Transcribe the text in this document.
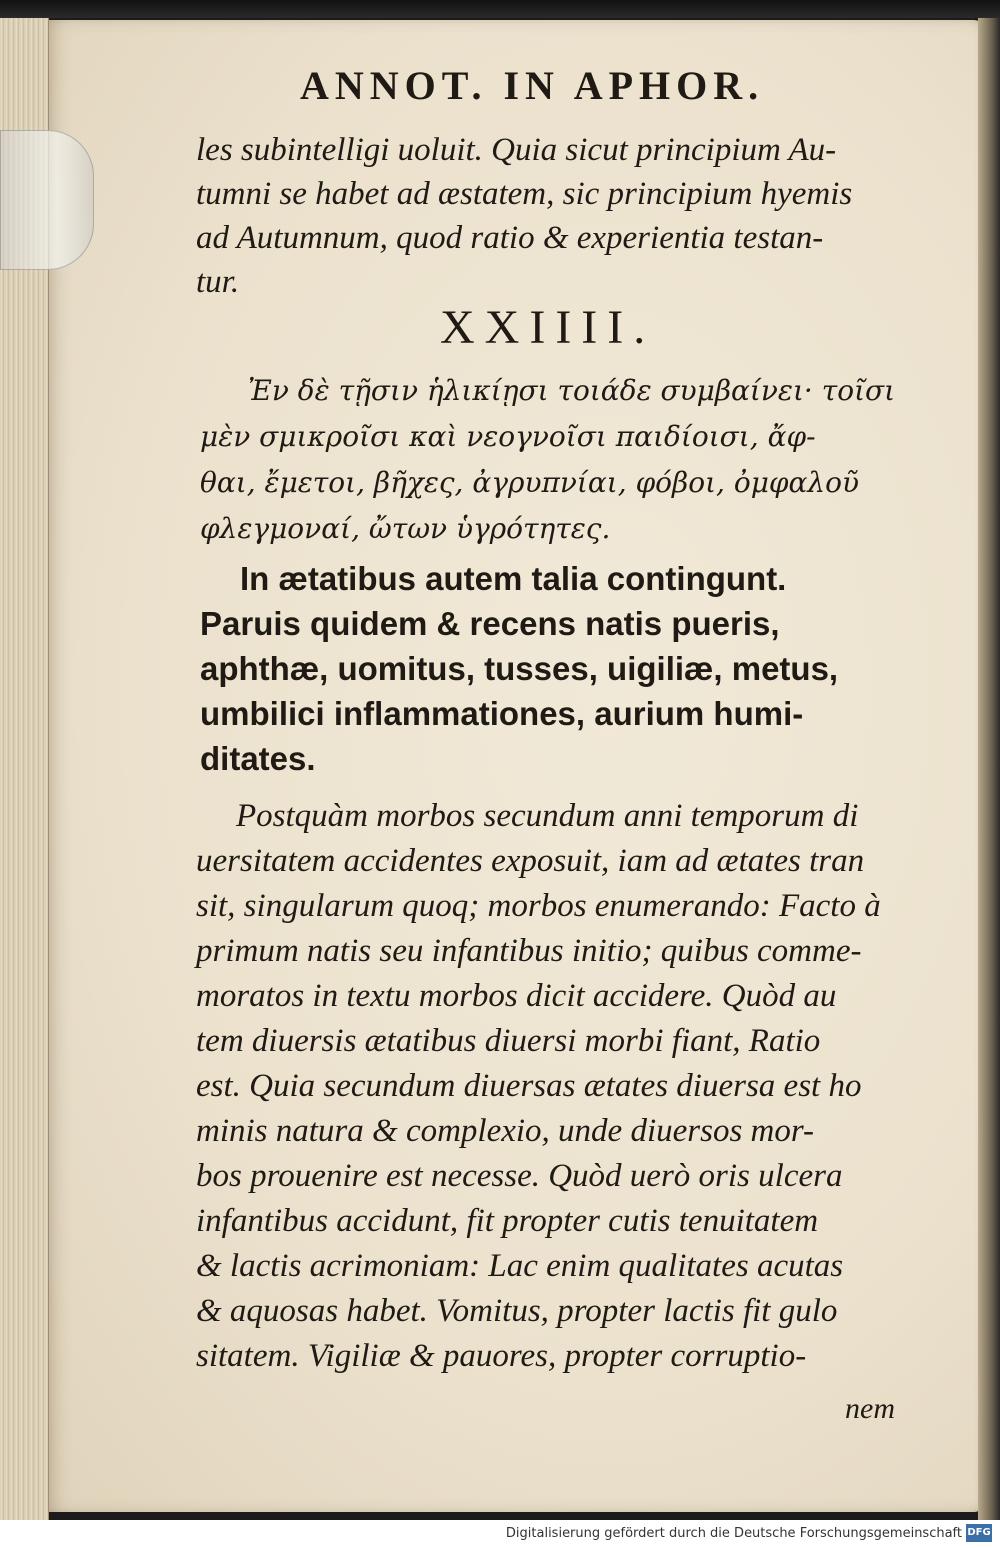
ANNOT. IN APHOR.
les subintelligi uoluit. Quia sicut principium Au-
tumni se habet ad æstatem, sic principium hyemis
ad Autumnum, quod ratio & experientia testan-
tur.
XXIIII.
Ἐν δὲ τῇσιν ἡλικίῃσι τοιάδε συμβαίνει· τοῖσι
μὲν σμικροῖσι καὶ νεογνοῖσι παιδίοισι, ἄφ-
θαι, ἔμετοι, βῆχες, ἀγρυπνίαι, φόβοι, ὀμφαλοῦ
φλεγμοναί, ὤτων ὑγρότητες.
In ætatibus autem talia contingunt.
Paruis quidem & recens natis pueris,
aphthæ, uomitus, tusses, uigiliæ, metus,
umbilici inflammationes, aurium humi-
ditates.
Postquàm morbos secundum anni temporum di
uersitatem accidentes exposuit, iam ad ætates tran
sit, singularum quoq; morbos enumerando: Facto à
primum natis seu infantibus initio; quibus comme-
moratos in textu morbos dicit accidere. Quòd au
tem diuersis ætatibus diuersi morbi fiant, Ratio
est. Quia secundum diuersas ætates diuersa est ho
minis natura & complexio, unde diuersos mor-
bos prouenire est necesse. Quòd uerò oris ulcera
infantibus accidunt, fit propter cutis tenuitatem
& lactis acrimoniam: Lac enim qualitates acutas
& aquosas habet. Vomitus, propter lactis fit gulo
sitatem. Vigiliæ & pauores, propter corruptio-
nem
Digitalisierung gefördert durch die Deutsche Forschungsgemeinschaft DFG
